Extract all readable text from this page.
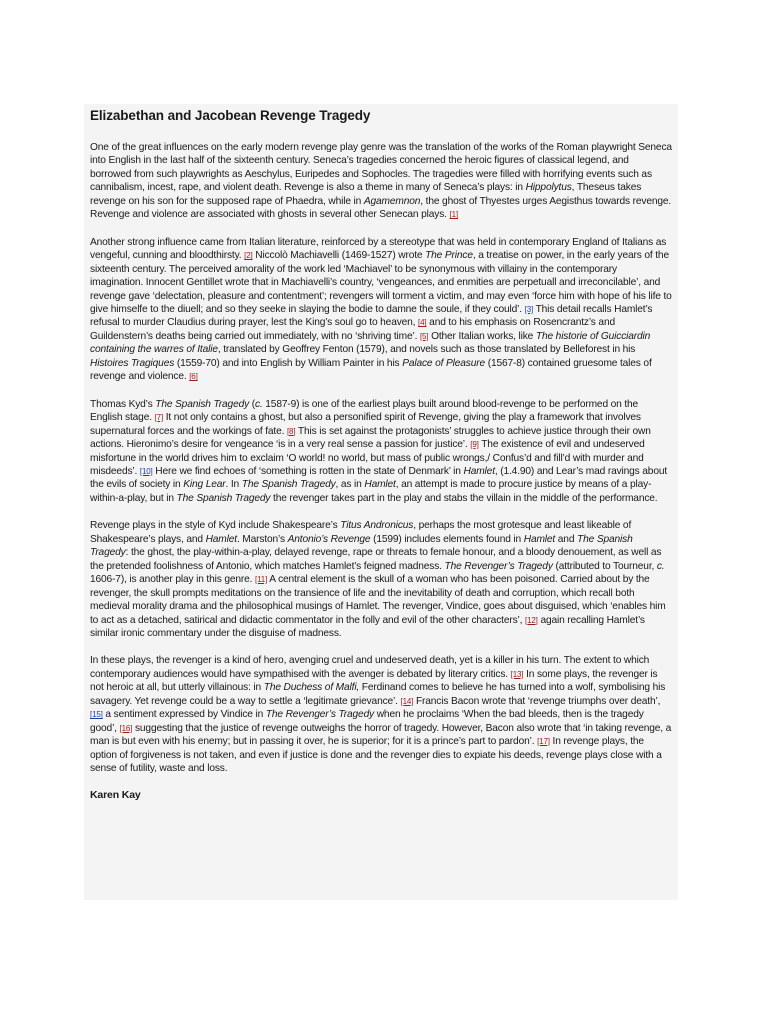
Elizabethan and Jacobean Revenge Tragedy

One of the great influences on the early modern revenge play genre was the translation of the works of the Roman playwright Seneca into English in the last half of the sixteenth century. Seneca’s tragedies concerned the heroic figures of classical legend, and borrowed from such playwrights as Aeschylus, Euripedes and Sophocles. The tragedies were filled with horrifying events such as cannibalism, incest, rape, and violent death. Revenge is also a theme in many of Seneca’s plays: in Hippolytus, Theseus takes revenge on his son for the supposed rape of Phaedra, while in Agamemnon, the ghost of Thyestes urges Aegisthus towards revenge. Revenge and violence are associated with ghosts in several other Senecan plays. [1]

Another strong influence came from Italian literature, reinforced by a stereotype that was held in contemporary England of Italians as vengeful, cunning and bloodthirsty. [2] Niccolò Machiavelli (1469-1527) wrote The Prince, a treatise on power, in the early years of the sixteenth century. The perceived amorality of the work led ‘Machiavel’ to be synonymous with villainy in the contemporary imagination. Innocent Gentillet wrote that in Machiavelli’s country, ‘vengeances, and enmities are perpetuall and irreconcilable’, and revenge gave ‘delectation, pleasure and contentment’; revengers will torment a victim, and may even ‘force him with hope of his life to give himselfe to the diuell; and so they seeke in slaying the bodie to damne the soule, if they could’. [3] This detail recalls Hamlet’s refusal to murder Claudius during prayer, lest the King’s soul go to heaven, [4] and to his emphasis on Rosencrantz’s and Guildenstern’s deaths being carried out immediately, with no ‘shriving time’. [5] Other Italian works, like The historie of Guicciardin containing the warres of Italie, translated by Geoffrey Fenton (1579), and novels such as those translated by Belleforest in his Histoires Tragiques (1559-70) and into English by William Painter in his Palace of Pleasure (1567-8) contained gruesome tales of revenge and violence. [6]

Thomas Kyd’s The Spanish Tragedy (c. 1587-9) is one of the earliest plays built around blood-revenge to be performed on the English stage. [7] It not only contains a ghost, but also a personified spirit of Revenge, giving the play a framework that involves supernatural forces and the workings of fate. [8] This is set against the protagonists’ struggles to achieve justice through their own actions. Hieronimo’s desire for vengeance ‘is in a very real sense a passion for justice’. [9] The existence of evil and undeserved misfortune in the world drives him to exclaim ‘O world! no world, but mass of public wrongs,/ Confus’d and fill’d with murder and misdeeds’. [10] Here we find echoes of ‘something is rotten in the state of Denmark’ in Hamlet, (1.4.90) and Lear’s mad ravings about the evils of society in King Lear. In The Spanish Tragedy, as in Hamlet, an attempt is made to procure justice by means of a play-within-a-play, but in The Spanish Tragedy the revenger takes part in the play and stabs the villain in the middle of the performance.

Revenge plays in the style of Kyd include Shakespeare’s Titus Andronicus, perhaps the most grotesque and least likeable of Shakespeare’s plays, and Hamlet. Marston’s Antonio’s Revenge (1599) includes elements found in Hamlet and The Spanish Tragedy: the ghost, the play-within-a-play, delayed revenge, rape or threats to female honour, and a bloody denouement, as well as the pretended foolishness of Antonio, which matches Hamlet’s feigned madness. The Revenger’s Tragedy (attributed to Tourneur, c. 1606-7), is another play in this genre. [11] A central element is the skull of a woman who has been poisoned. Carried about by the revenger, the skull prompts meditations on the transience of life and the inevitability of death and corruption, which recall both medieval morality drama and the philosophical musings of Hamlet. The revenger, Vindice, goes about disguised, which ‘enables him to act as a detached, satirical and didactic commentator in the folly and evil of the other characters’, [12] again recalling Hamlet’s similar ironic commentary under the disguise of madness.

In these plays, the revenger is a kind of hero, avenging cruel and undeserved death, yet is a killer in his turn. The extent to which contemporary audiences would have sympathised with the avenger is debated by literary critics. [13] In some plays, the revenger is not heroic at all, but utterly villainous: in The Duchess of Malfi, Ferdinand comes to believe he has turned into a wolf, symbolising his savagery. Yet revenge could be a way to settle a ‘legitimate grievance’. [14] Francis Bacon wrote that ‘revenge triumphs over death’, [15] a sentiment expressed by Vindice in The Revenger’s Tragedy when he proclaims ‘When the bad bleeds, then is the tragedy good’, [16] suggesting that the justice of revenge outweighs the horror of tragedy. However, Bacon also wrote that ‘in taking revenge, a man is but even with his enemy; but in passing it over, he is superior; for it is a prince’s part to pardon’. [17] In revenge plays, the option of forgiveness is not taken, and even if justice is done and the revenger dies to expiate his deeds, revenge plays close with a sense of futility, waste and loss.

Karen Kay
